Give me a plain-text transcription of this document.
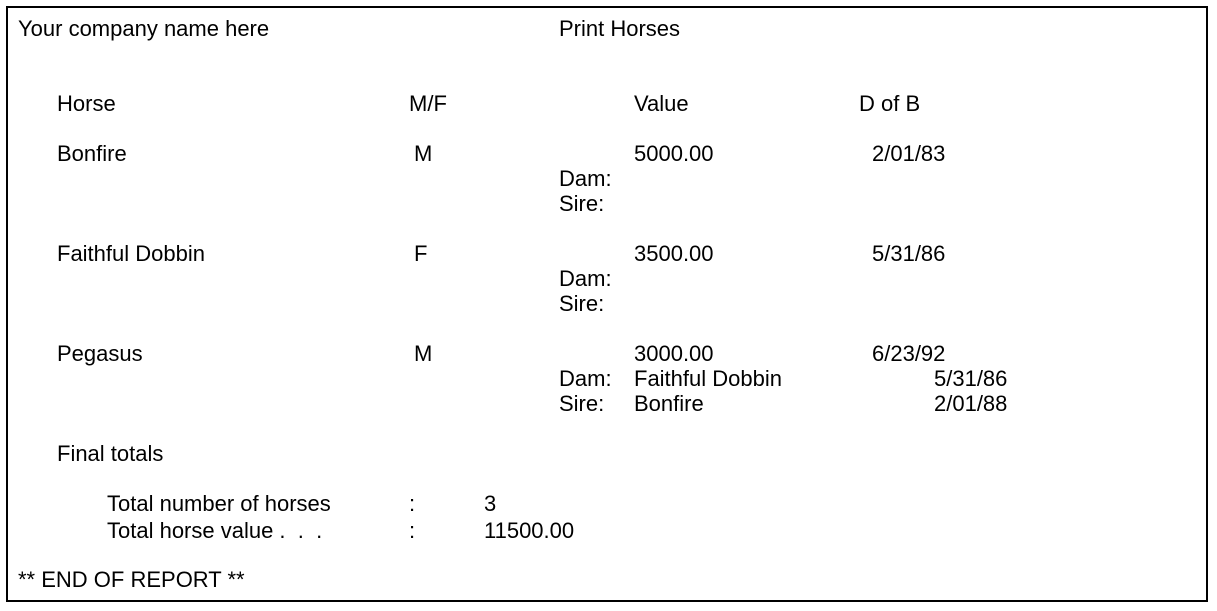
Your company name here	Print Horses
Horse	M/F	Value	D of B
Bonfire	M	5000.00	2/01/83
Dam:
Sire:
Faithful Dobbin	F	3500.00	5/31/86
Dam:
Sire:
Pegasus	M	3000.00	6/23/92
Dam: Faithful Dobbin	5/31/86
Sire: Bonfire	2/01/88
Final totals
Total number of horses	:	3
Total horse value .  .  .	:	11500.00
** END OF REPORT **
